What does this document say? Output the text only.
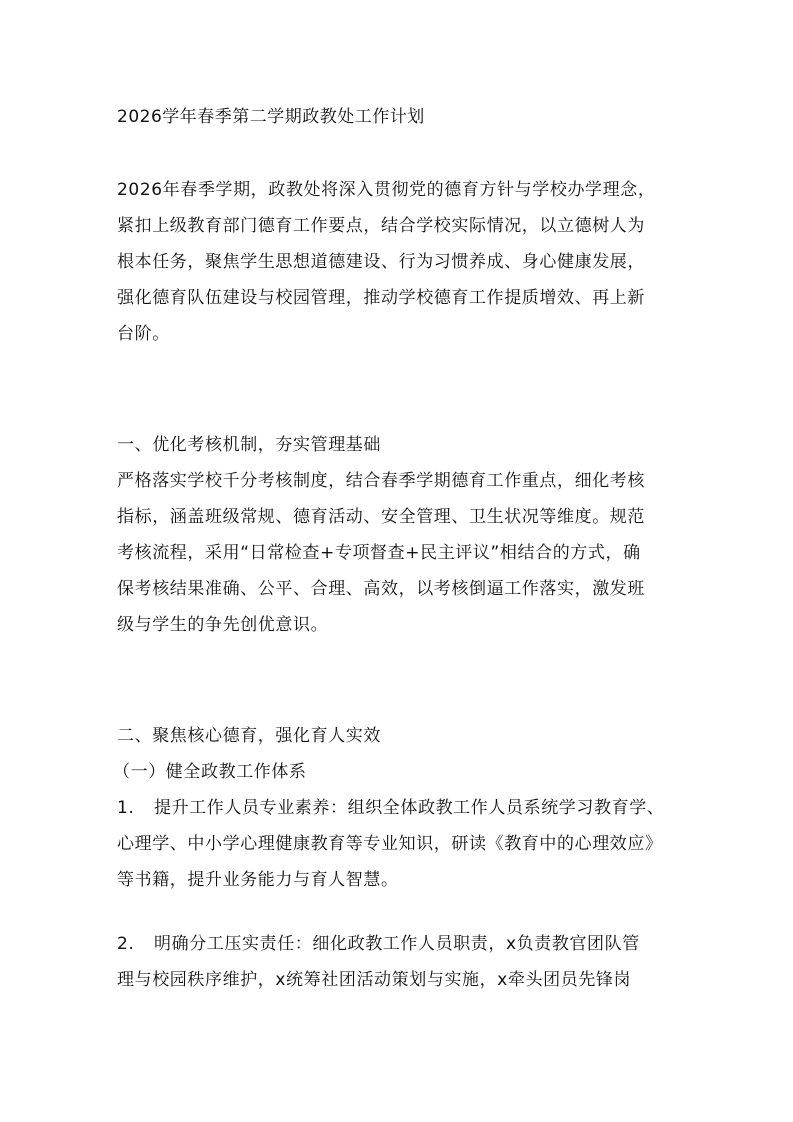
2026学年春季第二学期政教处工作计划
2026年春季学期，政教处将深入贯彻党的德育方针与学校办学理念，
紧扣上级教育部门德育工作要点，结合学校实际情况，以立德树人为
根本任务，聚焦学生思想道德建设、行为习惯养成、身心健康发展，
强化德育队伍建设与校园管理，推动学校德育工作提质增效、再上新
台阶。
一、优化考核机制，夯实管理基础
严格落实学校千分考核制度，结合春季学期德育工作重点，细化考核
指标，涵盖班级常规、德育活动、安全管理、卫生状况等维度。规范
考核流程，采用“日常检查+专项督查+民主评议”相结合的方式，确
保考核结果准确、公平、合理、高效，以考核倒逼工作落实，激发班
级与学生的争先创优意识。
二、聚焦核心德育，强化育人实效
（一）健全政教工作体系
1.	提升工作人员专业素养：组织全体政教工作人员系统学习教育学、
心理学、中小学心理健康教育等专业知识，研读《教育中的心理效应》
等书籍，提升业务能力与育人智慧。
2.	明确分工压实责任：细化政教工作人员职责，x负责教官团队管
理与校园秩序维护，x统筹社团活动策划与实施，x牵头团员先锋岗
